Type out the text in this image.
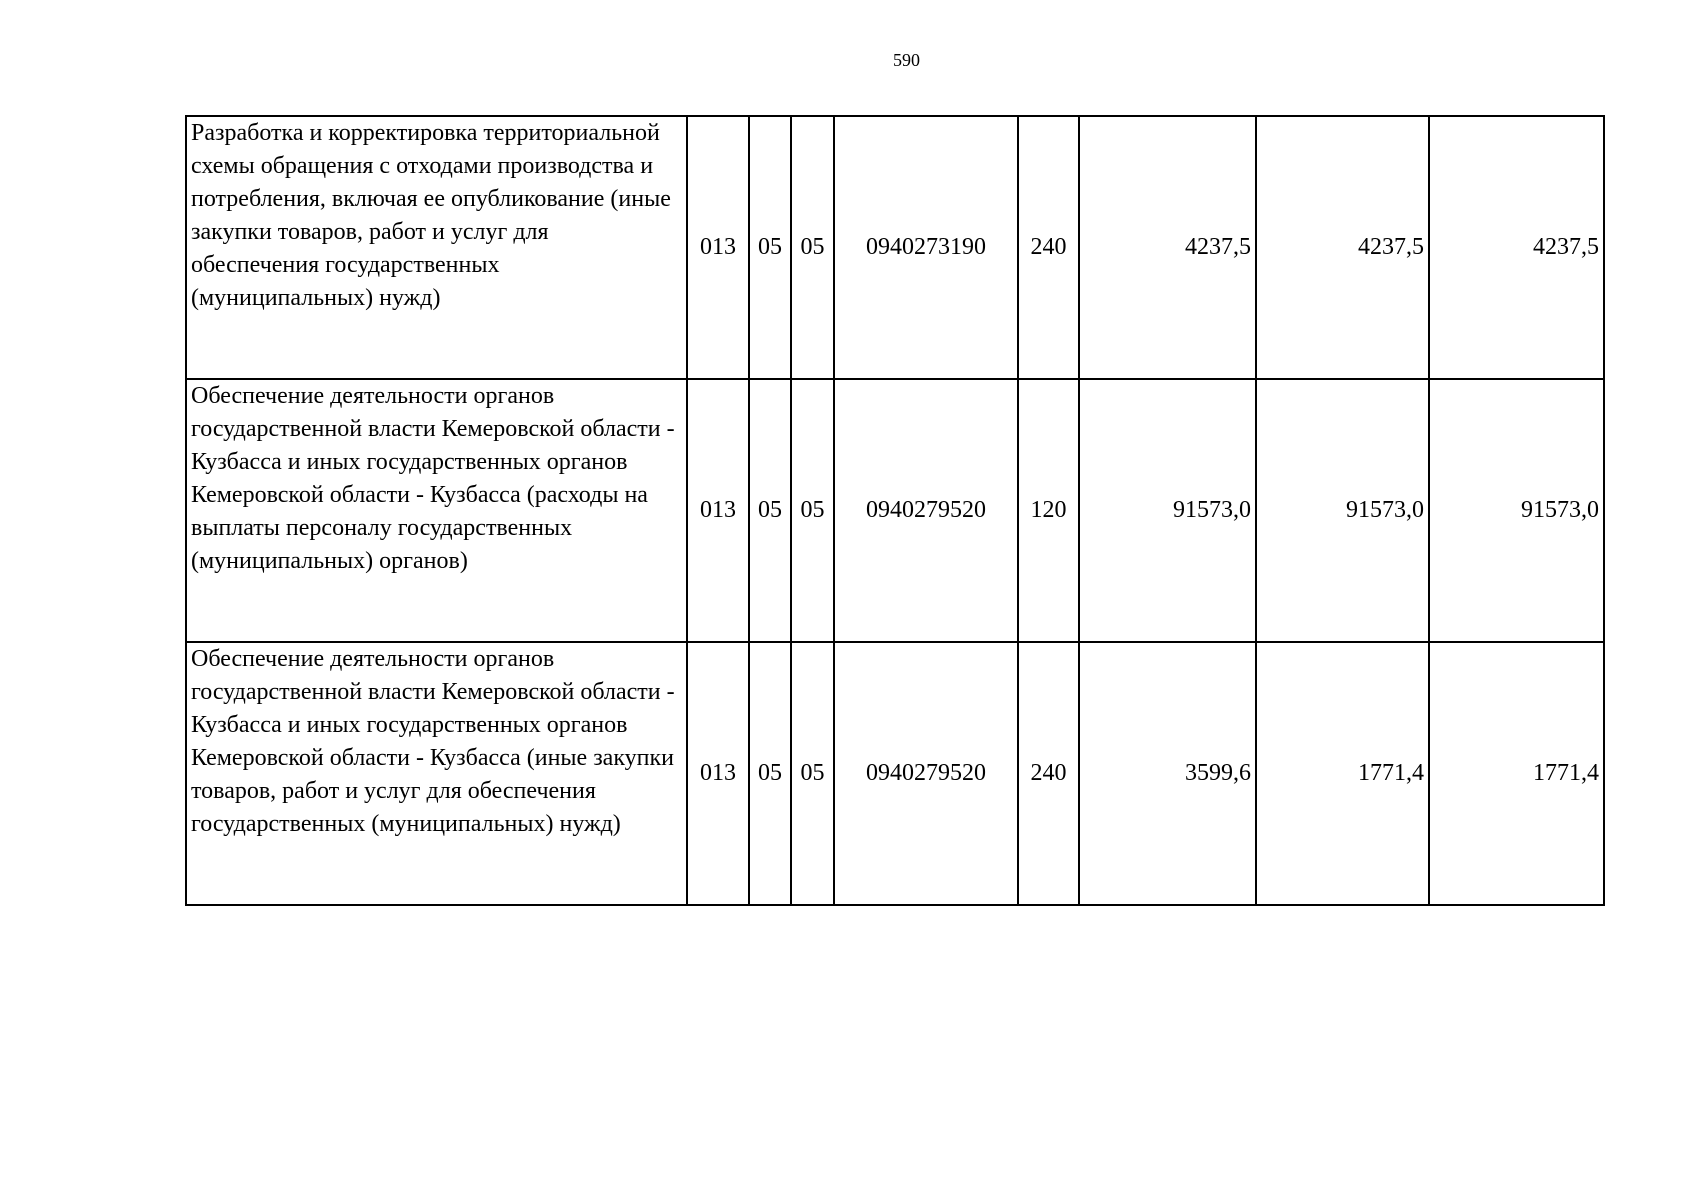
590
Разработка и корректировка территориальной схемы обращения с отходами производства и потребления, включая ее опубликование (иные закупки товаров, работ и услуг для обеспечения государственных (муниципальных) нужд)	013	05	05	0940273190	240	4237,5	4237,5	4237,5
Обеспечение деятельности органов государственной власти Кемеровской области - Кузбасса и иных государственных органов Кемеровской области - Кузбасса (расходы на выплаты персоналу государственных (муниципальных) органов)	013	05	05	0940279520	120	91573,0	91573,0	91573,0
Обеспечение деятельности органов государственной власти Кемеровской области - Кузбасса и иных государственных органов Кемеровской области - Кузбасса (иные закупки товаров, работ и услуг для обеспечения государственных (муниципальных) нужд)	013	05	05	0940279520	240	3599,6	1771,4	1771,4
